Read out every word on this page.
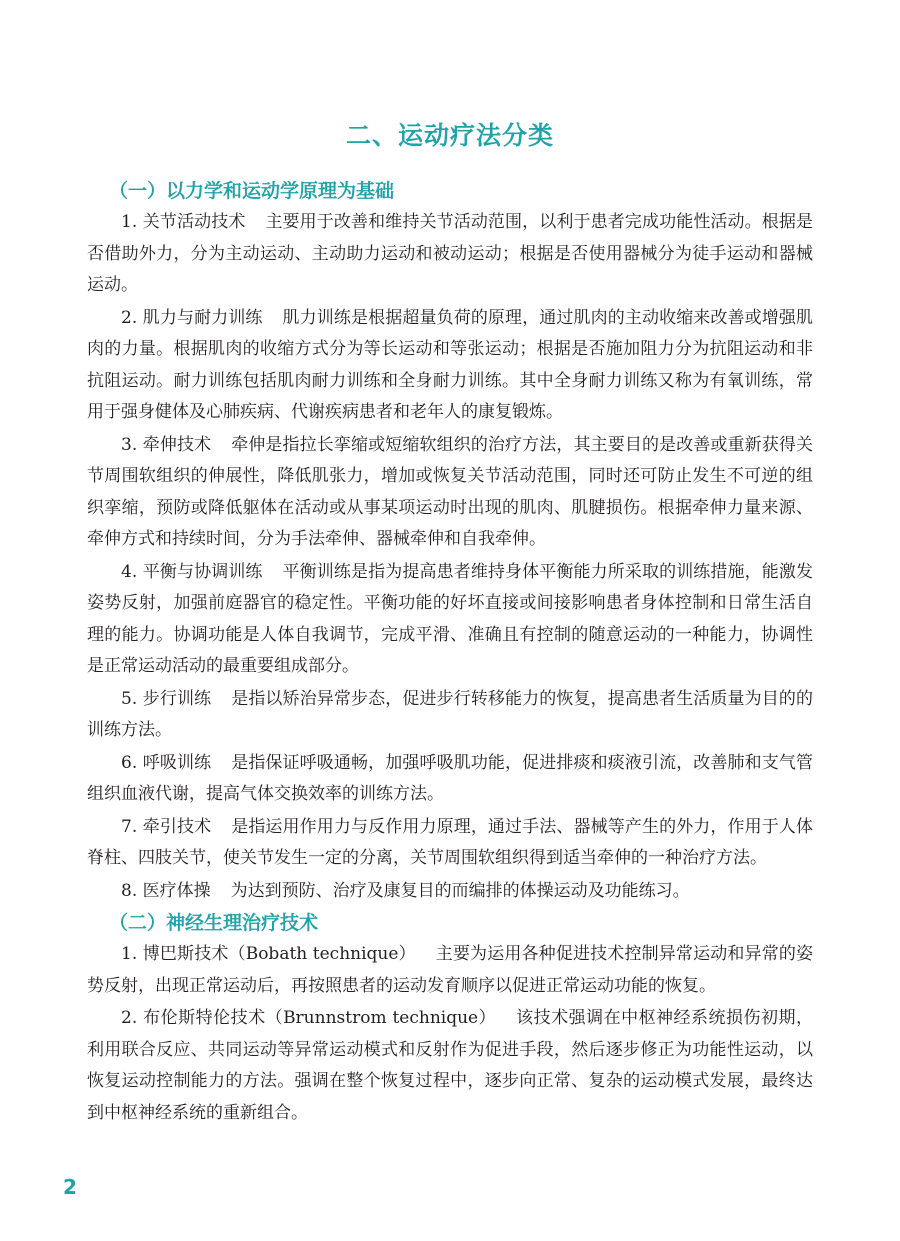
二、运动疗法分类
（一）以力学和运动学原理为基础

1. 关节活动技术 主要用于改善和维持关节活动范围，以利于患者完成功能性活动。根据是否借助外力，分为主动运动、主动助力运动和被动运动；根据是否使用器械分为徒手运动和器械运动。

2. 肌力与耐力训练 肌力训练是根据超量负荷的原理，通过肌肉的主动收缩来改善或增强肌肉的力量。根据肌肉的收缩方式分为等长运动和等张运动；根据是否施加阻力分为抗阻运动和非抗阻运动。耐力训练包括肌肉耐力训练和全身耐力训练。其中全身耐力训练又称为有氧训练，常用于强身健体及心肺疾病、代谢疾病患者和老年人的康复锻炼。

3. 牵伸技术 牵伸是指拉长挛缩或短缩软组织的治疗方法，其主要目的是改善或重新获得关节周围软组织的伸展性，降低肌张力，增加或恢复关节活动范围，同时还可防止发生不可逆的组织挛缩，预防或降低躯体在活动或从事某项运动时出现的肌肉、肌腱损伤。根据牵伸力量来源、牵伸方式和持续时间，分为手法牵伸、器械牵伸和自我牵伸。

4. 平衡与协调训练 平衡训练是指为提高患者维持身体平衡能力所采取的训练措施，能激发姿势反射，加强前庭器官的稳定性。平衡功能的好坏直接或间接影响患者身体控制和日常生活自理的能力。协调功能是人体自我调节，完成平滑、准确且有控制的随意运动的一种能力，协调性是正常运动活动的最重要组成部分。

5. 步行训练 是指以矫治异常步态，促进步行转移能力的恢复，提高患者生活质量为目的的训练方法。

6. 呼吸训练 是指保证呼吸通畅，加强呼吸肌功能，促进排痰和痰液引流，改善肺和支气管组织血液代谢，提高气体交换效率的训练方法。

7. 牵引技术 是指运用作用力与反作用力原理，通过手法、器械等产生的外力，作用于人体脊柱、四肢关节，使关节发生一定的分离，关节周围软组织得到适当牵伸的一种治疗方法。

8. 医疗体操 为达到预防、治疗及康复目的而编排的体操运动及功能练习。

（二）神经生理治疗技术

1. 博巴斯技术（Bobath technique） 主要为运用各种促进技术控制异常运动和异常的姿势反射，出现正常运动后，再按照患者的运动发育顺序以促进正常运动功能的恢复。

2. 布伦斯特伦技术（Brunnstrom technique） 该技术强调在中枢神经系统损伤初期，利用联合反应、共同运动等异常运动模式和反射作为促进手段，然后逐步修正为功能性运动，以恢复运动控制能力的方法。强调在整个恢复过程中，逐步向正常、复杂的运动模式发展，最终达到中枢神经系统的重新组合。

2
